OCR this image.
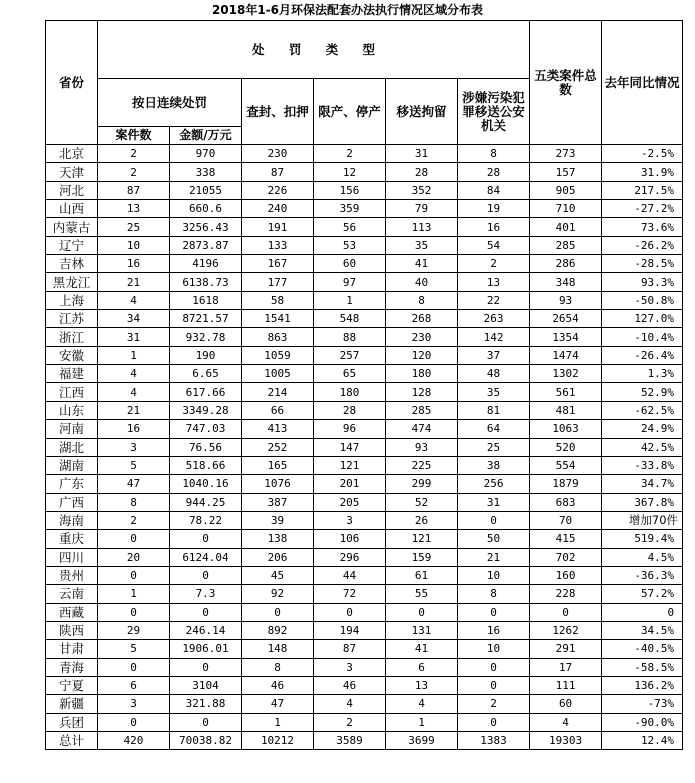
2018年1-6月环保法配套办法执行情况区域分布表
省份	处 罚 类 型						五类案件总数	去年同比情况
	按日连续处罚		查封、扣押	限产、停产	移送拘留	涉嫌污染犯罪移送公安机关		
	案件数	金额/万元						
北京	2	970	230	2	31	8	273	-2.5%
天津	2	338	87	12	28	28	157	31.9%
河北	87	21055	226	156	352	84	905	217.5%
山西	13	660.6	240	359	79	19	710	-27.2%
内蒙古	25	3256.43	191	56	113	16	401	73.6%
辽宁	10	2873.87	133	53	35	54	285	-26.2%
吉林	16	4196	167	60	41	2	286	-28.5%
黑龙江	21	6138.73	177	97	40	13	348	93.3%
上海	4	1618	58	1	8	22	93	-50.8%
江苏	34	8721.57	1541	548	268	263	2654	127.0%
浙江	31	932.78	863	88	230	142	1354	-10.4%
安徽	1	190	1059	257	120	37	1474	-26.4%
福建	4	6.65	1005	65	180	48	1302	1.3%
江西	4	617.66	214	180	128	35	561	52.9%
山东	21	3349.28	66	28	285	81	481	-62.5%
河南	16	747.03	413	96	474	64	1063	24.9%
湖北	3	76.56	252	147	93	25	520	42.5%
湖南	5	518.66	165	121	225	38	554	-33.8%
广东	47	1040.16	1076	201	299	256	1879	34.7%
广西	8	944.25	387	205	52	31	683	367.8%
海南	2	78.22	39	3	26	0	70	增加70件
重庆	0	0	138	106	121	50	415	519.4%
四川	20	6124.04	206	296	159	21	702	4.5%
贵州	0	0	45	44	61	10	160	-36.3%
云南	1	7.3	92	72	55	8	228	57.2%
西藏	0	0	0	0	0	0	0	0
陕西	29	246.14	892	194	131	16	1262	34.5%
甘肃	5	1906.01	148	87	41	10	291	-40.5%
青海	0	0	8	3	6	0	17	-58.5%
宁夏	6	3104	46	46	13	0	111	136.2%
新疆	3	321.88	47	4	4	2	60	-73%
兵团	0	0	1	2	1	0	4	-90.0%
总计	420	70038.82	10212	3589	3699	1383	19303	12.4%
